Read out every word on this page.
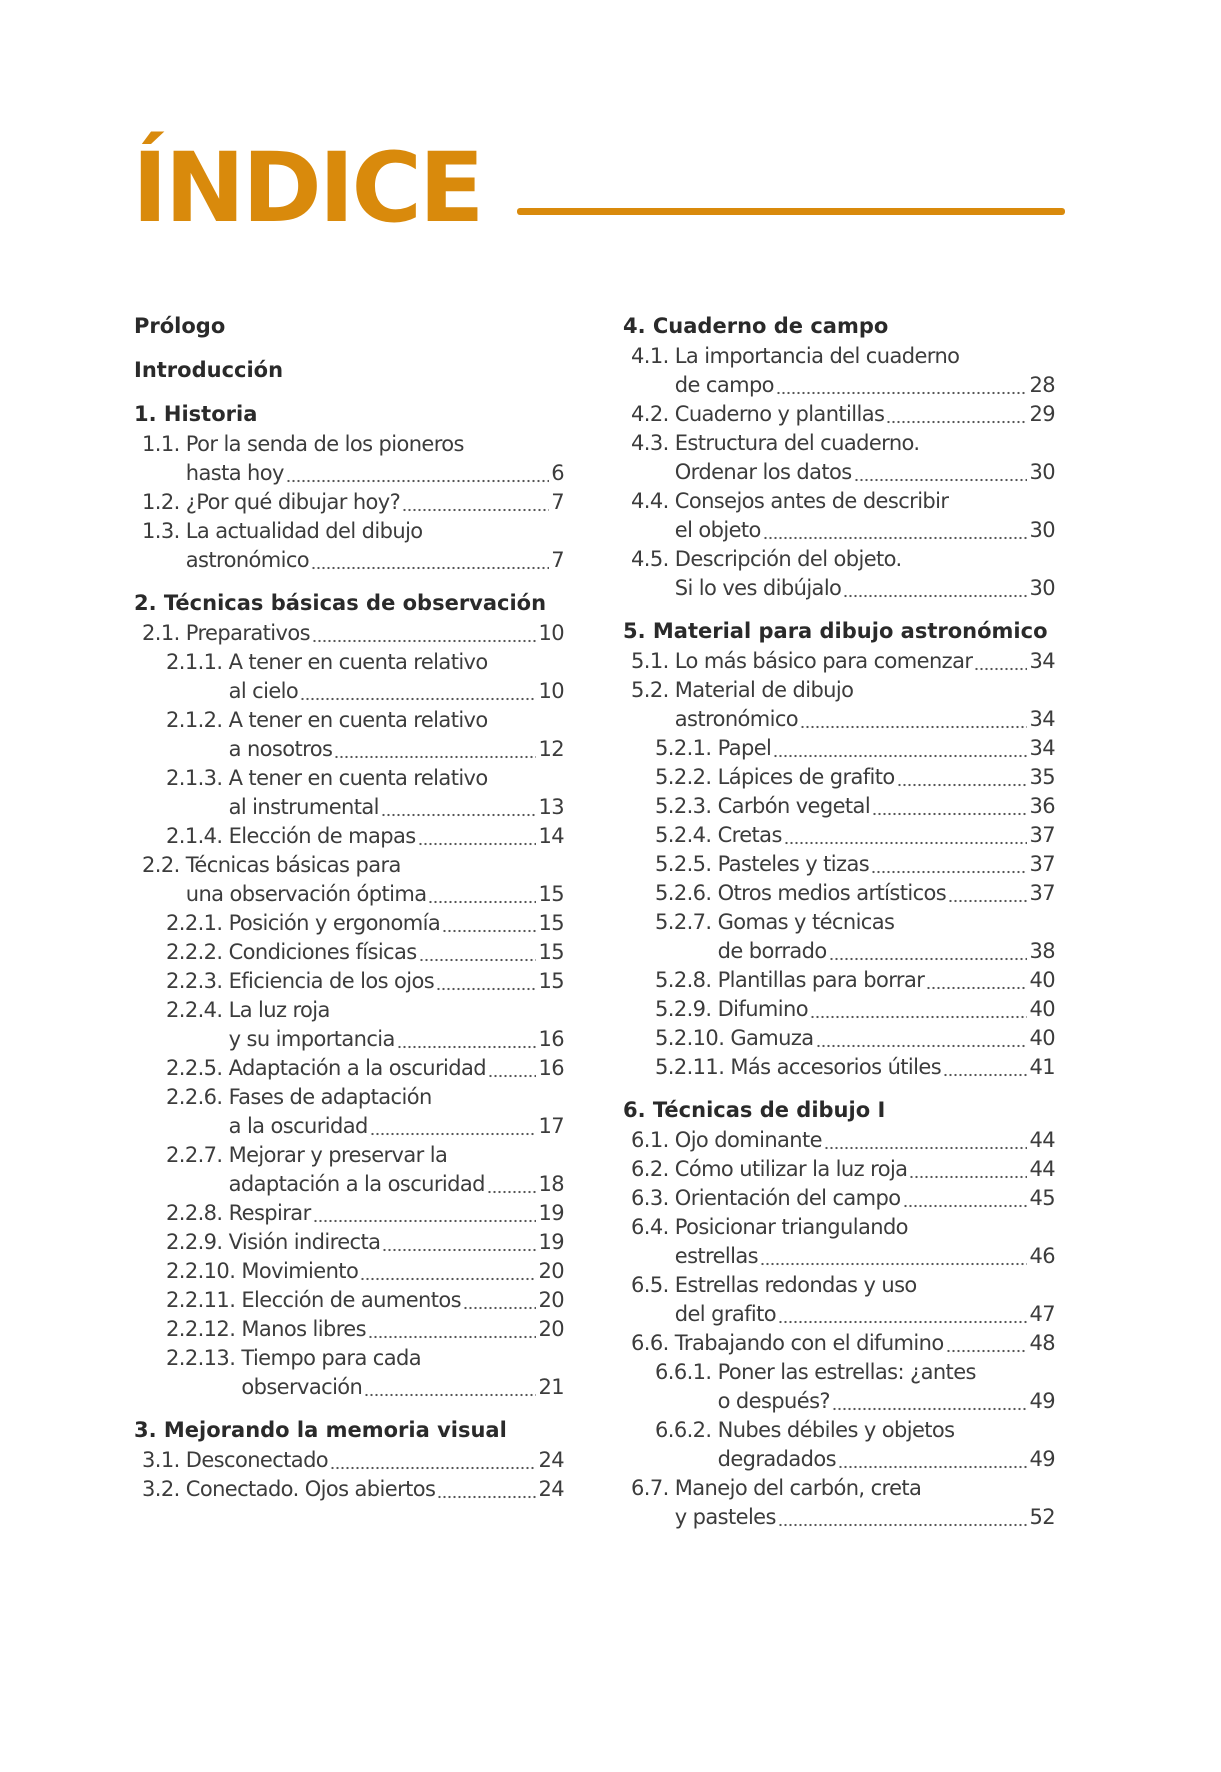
ÍNDICE
Prólogo
Introducción
1. Historia
1.1.
Por la senda de los pioneros
hasta hoy	6
1.2.
¿Por qué dibujar hoy?	7
1.3.
La actualidad del dibujo
astronómico	7
2. Técnicas básicas de observación
2.1.
Preparativos	10
2.1.1.
A tener en cuenta relativo
al cielo	10
2.1.2.
A tener en cuenta relativo
a nosotros	12
2.1.3.
A tener en cuenta relativo
al instrumental	13
2.1.4.
Elección de mapas	14
2.2.
Técnicas básicas para
una observación óptima	15
2.2.1.
Posición y ergonomía	15
2.2.2.
Condiciones físicas	15
2.2.3.
Eficiencia de los ojos	15
2.2.4.
La luz roja
y su importancia	16
2.2.5.
Adaptación a la oscuridad 16
2.2.6.
Fases de adaptación
a la oscuridad	17
2.2.7.
Mejorar y preservar la
adaptación a la oscuridad	18
2.2.8.
Respirar	19
2.2.9.
Visión indirecta	19
2.2.10.
Movimiento	20
2.2.11.
Elección de aumentos	20
2.2.12.
Manos libres	20
2.2.13.
Tiempo para cada
observación	21
3. Mejorando la memoria visual
3.1.
Desconectado	24
3.2.
Conectado. Ojos abiertos	24
4. Cuaderno de campo
4.1.
La importancia del cuaderno
de campo	28
4.2.
Cuaderno y plantillas	29
4.3.
Estructura del cuaderno.
Ordenar los datos	30
4.4.
Consejos antes de describir
el objeto	30
4.5.
Descripción del objeto.
Si lo ves dibújalo	30
5. Material para dibujo astronómico
5.1.
Lo más básico para comenzar	34
5.2.
Material de dibujo
astronómico	34
5.2.1.
Papel	34
5.2.2.
Lápices de grafito	35
5.2.3.
Carbón vegetal	36
5.2.4.
Cretas	37
5.2.5.
Pasteles y tizas	37
5.2.6.
Otros medios artísticos	37
5.2.7.
Gomas y técnicas
de borrado	38
5.2.8.
Plantillas para borrar	40
5.2.9.
Difumino	40
5.2.10.
Gamuza	40
5.2.11.
Más accesorios útiles	41
6. Técnicas de dibujo I
6.1.
Ojo dominante	44
6.2.
Cómo utilizar la luz roja	44
6.3.
Orientación del campo	45
6.4.
Posicionar triangulando
estrellas	46
6.5.
Estrellas redondas y uso
del grafito	47
6.6.
Trabajando con el difumino	48
6.6.1.
Poner las estrellas: ¿antes
o después?	49
6.6.2.
Nubes débiles y objetos
degradados	49
6.7.
Manejo del carbón, creta
y pasteles	52
